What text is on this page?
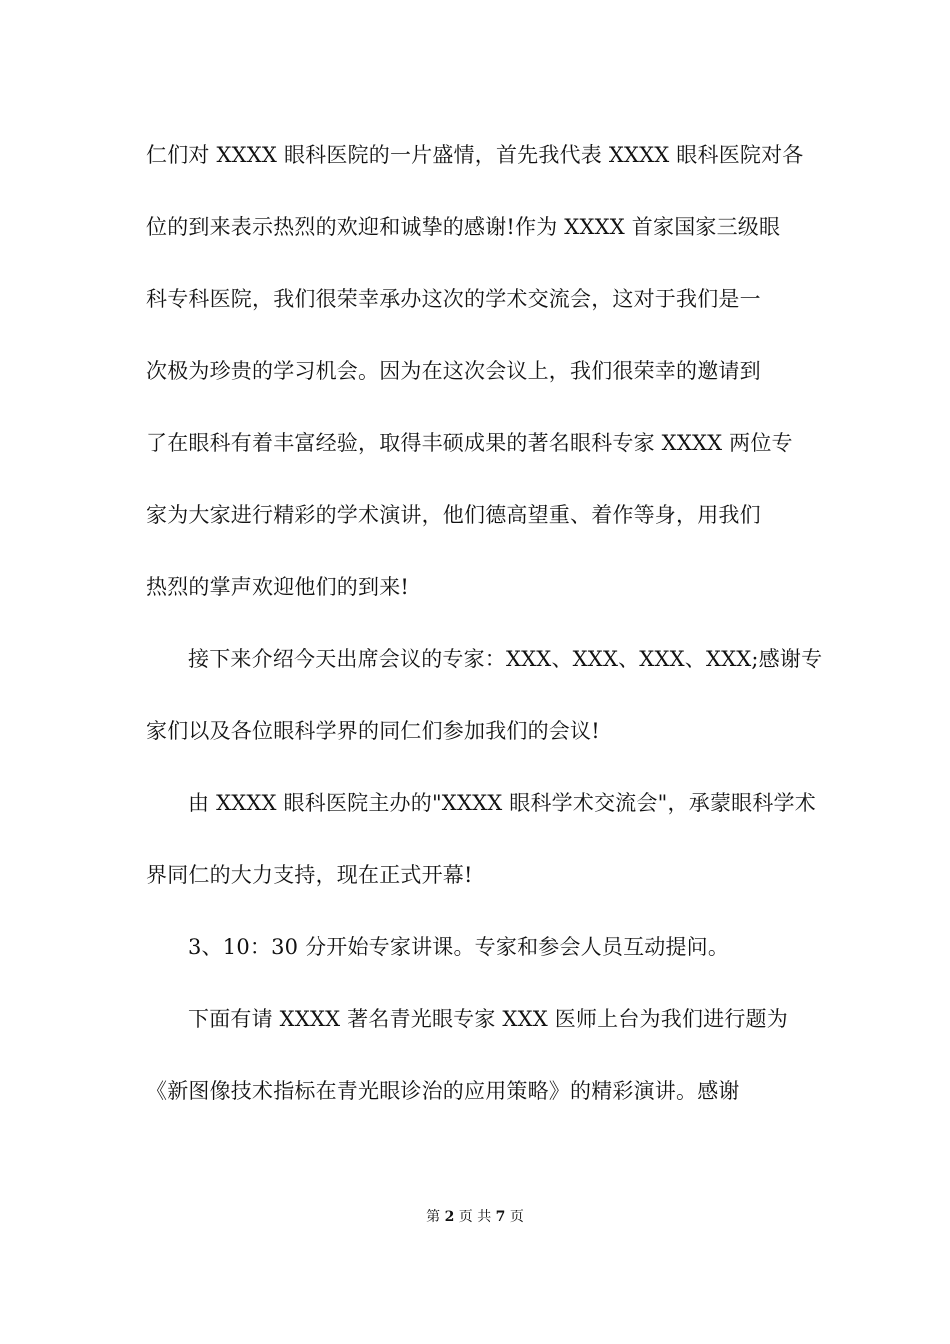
仁们对 XXXX 眼科医院的一片盛情，首先我代表 XXXX 眼科医院对各
位的到来表示热烈的欢迎和诚挚的感谢!作为 XXXX 首家国家三级眼
科专科医院，我们很荣幸承办这次的学术交流会，这对于我们是一
次极为珍贵的学习机会。因为在这次会议上，我们很荣幸的邀请到
了在眼科有着丰富经验，取得丰硕成果的著名眼科专家 XXXX 两位专
家为大家进行精彩的学术演讲，他们德高望重、着作等身，用我们
热烈的掌声欢迎他们的到来!
接下来介绍今天出席会议的专家：XXX、XXX、XXX、XXX;感谢专
家们以及各位眼科学界的同仁们参加我们的会议!
由 XXXX 眼科医院主办的"XXXX 眼科学术交流会"，承蒙眼科学术
界同仁的大力支持，现在正式开幕!
3、10：30 分开始专家讲课。专家和参会人员互动提问。
下面有请 XXXX 著名青光眼专家 XXX 医师上台为我们进行题为
《新图像技术指标在青光眼诊治的应用策略》的精彩演讲。感谢
第 2 页 共 7 页
